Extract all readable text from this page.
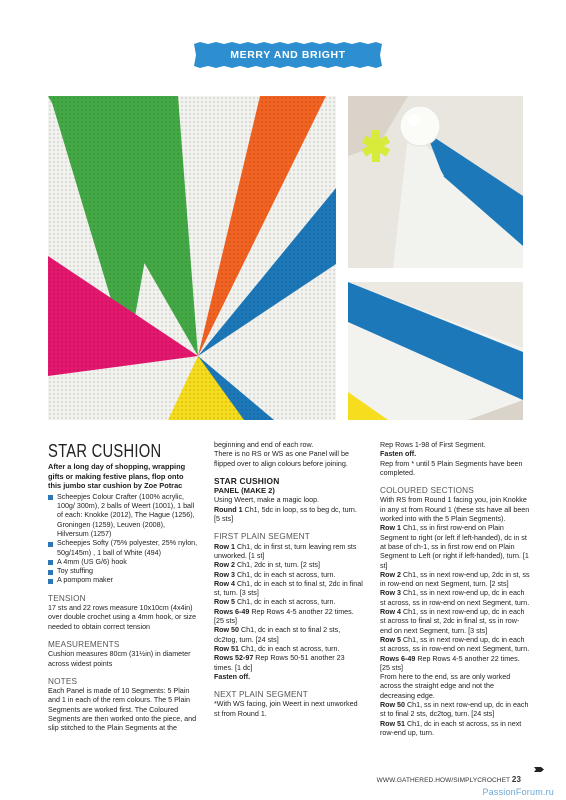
MERRY AND BRIGHT COLLECTION
STAR CUSHION
After a long day of shopping, wrapping gifts or making festive plans, flop onto this jumbo star cushion by Zoe Potrac
Scheepjes Colour Crafter (100% acrylic, 100g/ 300m), 2 balls of Weert (1001), 1 ball of each: Knokke (2012), The Hague (1256), Groningen (1259), Leuven (2008), Hilversum (1257)
Scheepjes Softy (75% polyester, 25% nylon, 50g/145m) , 1 ball of White (494)
A 4mm (US G/6) hook
Toy stuffing
A pompom maker
TENSION

17 sts and 22 rows measure 10x10cm (4x4in) over double crochet using a 4mm hook, or size needed to obtain correct tension

MEASUREMENTS

Cushion measures 80cm (31½in) in diameter across widest points

NOTES

Each Panel is made of 10 Segments: 5 Plain and 1 in each of the rem colours. The 5 Plain Segments are worked first. The Coloured Segments are then worked onto the piece, and slip stitched to the Plain Segments at the

beginning and end of each row.

There is no RS or WS as one Panel will be flipped over to align colours before joining.

STAR CUSHION
PANEL (MAKE 2)

Using Weert, make a magic loop.

Round 1 Ch1, 5dc in loop, ss to beg dc, turn. [5 sts]

FIRST PLAIN SEGMENT

Row 1 Ch1, dc in first st, turn leaving rem sts unworked. [1 st]

Row 2 Ch1, 2dc in st, turn. [2 sts]

Row 3 Ch1, dc in each st across, turn.

Row 4 Ch1, dc in each st to final st, 2dc in final st, turn. [3 sts]

Row 5 Ch1, dc in each st across, turn.

Rows 6-49 Rep Rows 4-5 another 22 times. [25 sts]

Row 50 Ch1, dc in each st to final 2 sts, dc2tog, turn. [24 sts]

Row 51 Ch1, dc in each st across, turn.

Rows 52-97 Rep Rows 50-51 another 23 times. [1 dc]

Fasten off.

NEXT PLAIN SEGMENT

*With WS facing, join Weert in next unworked st from Round 1.

Rep Rows 1-98 of First Segment.

Fasten off.

Rep from * until 5 Plain Segments have been completed.

COLOURED SECTIONS

With RS from Round 1 facing you, join Knokke in any st from Round 1 (these sts have all been worked into with the 5 Plain Segments).

Row 1 Ch1, ss in first row-end on Plain Segment to right (or left if left-handed), dc in st at base of ch-1, ss in first row end on Plain Segment to Left (or right if left-handed), turn. [1 st]

Row 2 Ch1, ss in next row-end up, 2dc in st, ss in row-end on next Segment, turn. [2 sts]

Row 3 Ch1, ss in next row-end up, dc in each st across, ss in row-end on next Segment, turn.

Row 4 Ch1, ss in next row-end up, dc in each st across to final st, 2dc in final st, ss in row-end on next Segment, turn. [3 sts]

Row 5 Ch1, ss in next row-end up, dc in each st across, ss in row-end on next Segment, turn.

Rows 6-49 Rep Rows 4-5 another 22 times. [25 sts]

From here to the end, ss are only worked across the straight edge and not the decreasing edge.

Row 50 Ch1, ss in next row-end up, dc in each st to final 2 sts, dc2tog, turn. [24 sts]

Row 51 Ch1, dc in each st across, ss in next row-end up, turn.

WWW.GATHERED.HOW/SIMPLYCROCHET 23
PassionForum.ru
